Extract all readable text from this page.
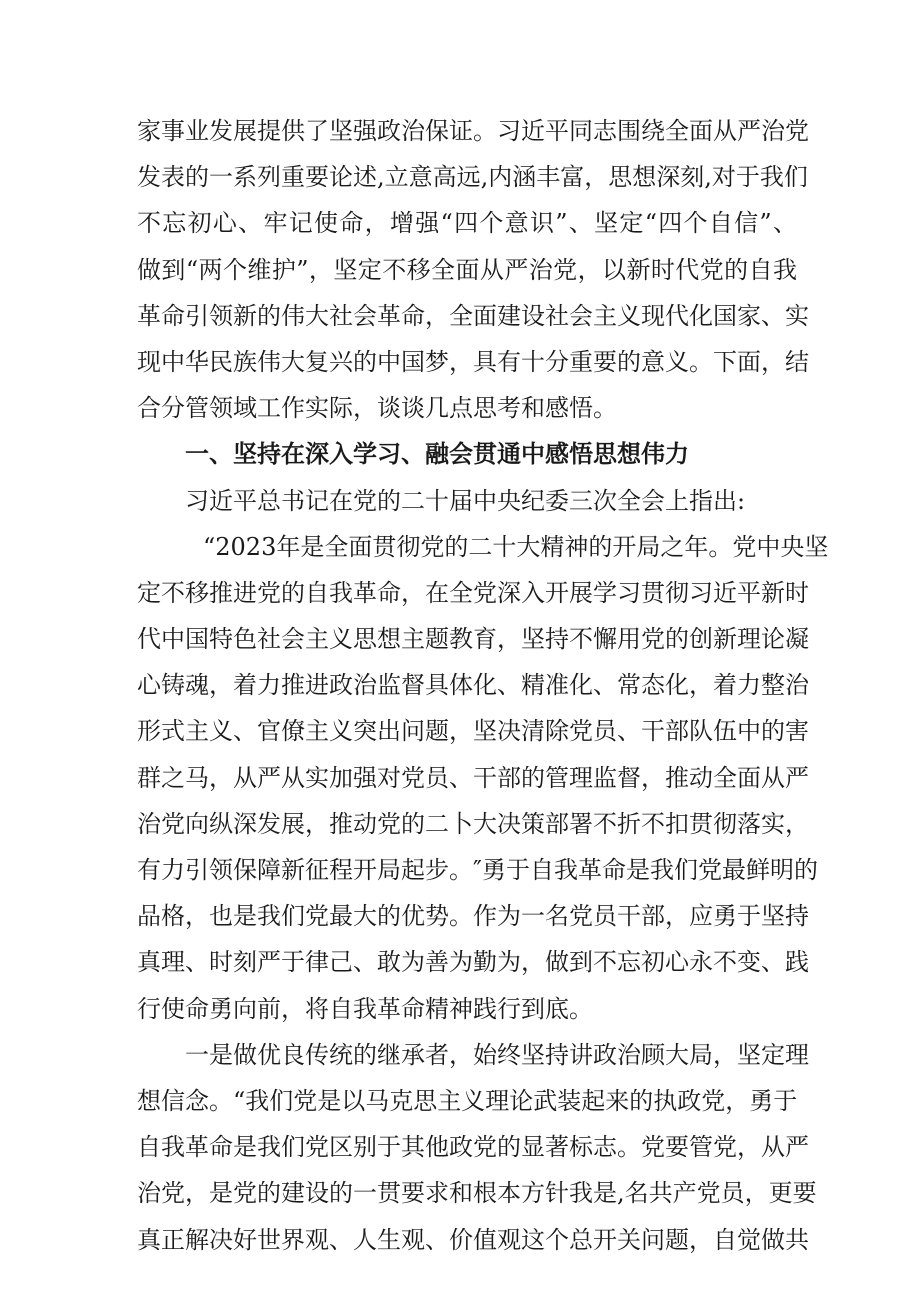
家事业发展提供了坚强政治保证。习近平同志围绕全面从严治党
发表的一系列重要论述,立意高远,内涵丰富，思想深刻,对于我们
不忘初心、牢记使命，增强“四个意识”、坚定“四个自信”、
做到“两个维护”，坚定不移全面从严治党，以新时代党的自我
革命引领新的伟大社会革命，全面建设社会主义现代化国家、实
现中华民族伟大复兴的中国梦，具有十分重要的意义。下面，结
合分管领域工作实际，谈谈几点思考和感悟。
一、坚持在深入学习、融会贯通中感悟思想伟力
习近平总书记在党的二十届中央纪委三次全会上指出:
“2023年是全面贯彻党的二十大精神的开局之年。党中央坚
定不移推进党的自我革命，在全党深入开展学习贯彻习近平新时
代中国特色社会主义思想主题教育，坚持不懈用党的创新理论凝
心铸魂，着力推进政治监督具体化、精准化、常态化，着力整治
形式主义、官僚主义突出问题，坚决清除党员、干部队伍中的害
群之马，从严从实加强对党员、干部的管理监督，推动全面从严
治党向纵深发展，推动党的二卜大决策部署不折不扣贯彻落实，
有力引领保障新征程开局起步。″勇于自我革命是我们党最鲜明的
品格，也是我们党最大的优势。作为一名党员干部，应勇于坚持
真理、时刻严于律己、敢为善为勤为，做到不忘初心永不变、践
行使命勇向前，将自我革命精神践行到底。
一是做优良传统的继承者，始终坚持讲政治顾大局，坚定理
想信念。“我们党是以马克思主义理论武装起来的执政党，勇于
自我革命是我们党区别于其他政党的显著标志。党要管党，从严
治党，是党的建设的一贯要求和根本方针我是,名共产党员，更要
真正解决好世界观、人生观、价值观这个总开关问题，自觉做共
